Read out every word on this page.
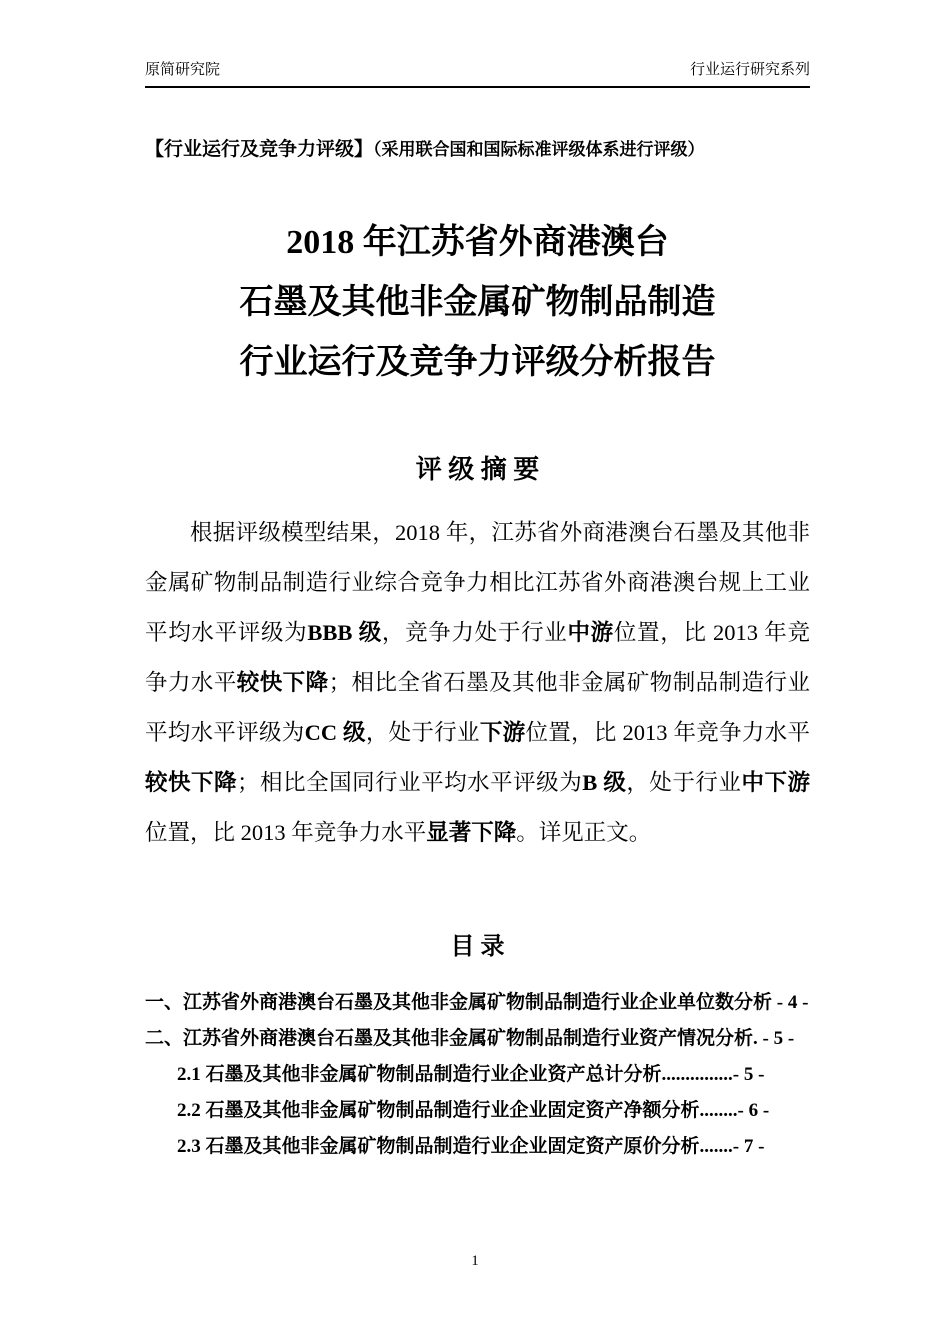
原简研究院	行业运行研究系列

【行业运行及竞争力评级】（采用联合国和国际标准评级体系进行评级）

2018 年江苏省外商港澳台
石墨及其他非金属矿物制品制造
行业运行及竞争力评级分析报告
评 级 摘 要

根据评级模型结果，2018 年，江苏省外商港澳台石墨及其他非金属矿物制品制造行业综合竞争力相比江苏省外商港澳台规上工业平均水平评级为BBB 级，竞争力处于行业中游位置，比 2013 年竞争力水平较快下降；相比全省石墨及其他非金属矿物制品制造行业平均水平评级为CC 级，处于行业下游位置，比 2013 年竞争力水平较快下降；相比全国同行业平均水平评级为B 级，处于行业中下游位置，比 2013 年竞争力水平显著下降。详见正文。

目 录
一、江苏省外商港澳台石墨及其他非金属矿物制品制造行业企业单位数分析 - 4 -
二、江苏省外商港澳台石墨及其他非金属矿物制品制造行业资产情况分析. - 5 -
2.1 石墨及其他非金属矿物制品制造行业企业资产总计分析...............- 5 -
2.2 石墨及其他非金属矿物制品制造行业企业固定资产净额分析........- 6 -
2.3 石墨及其他非金属矿物制品制造行业企业固定资产原价分析.......- 7 -
1
